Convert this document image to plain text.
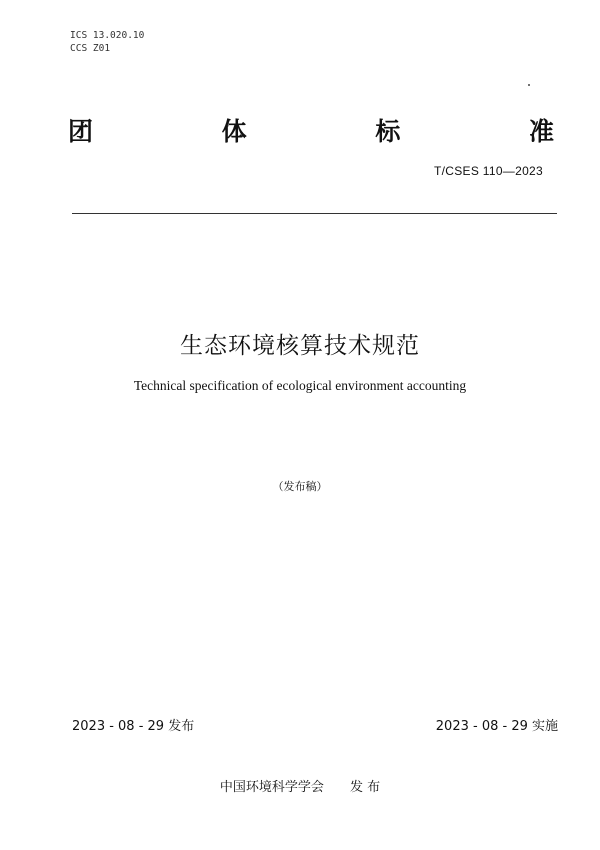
ICS 13.020.10
CCS Z01
团	体	标	准
T/CSES 110—2023
生态环境核算技术规范
Technical specification of ecological environment accounting
（发布稿）
2023 - 08 - 29 发布	2023 - 08 - 29 实施
中国环境科学学会 发 布
